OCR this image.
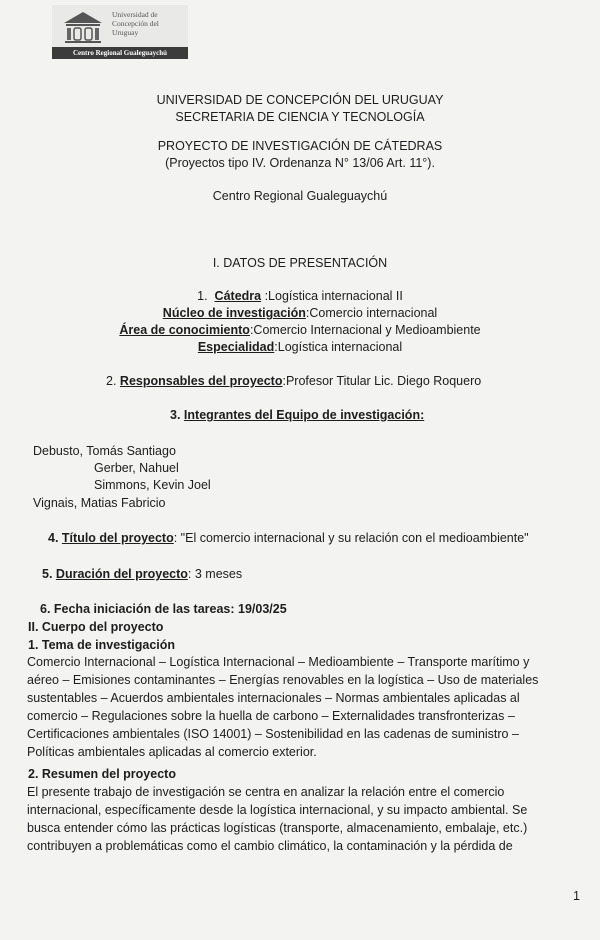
Universidad de
Concepción del
Uruguay
Centro Regional Gualeguaychú
UNIVERSIDAD DE CONCEPCIÓN DEL URUGUAY
SECRETARIA DE CIENCIA Y TECNOLOGÍA
PROYECTO DE INVESTIGACIÓN DE CÁTEDRAS
(Proyectos tipo IV. Ordenanza N° 13/06 Art. 11°).
Centro Regional Gualeguaychú
I. DATOS DE PRESENTACIÓN
1. Cátedra :Logística internacional II
Núcleo de investigación:Comercio internacional
Área de conocimiento:Comercio Internacional y Medioambiente
Especialidad:Logística internacional
2. Responsables del proyecto:Profesor Titular Lic. Diego Roquero
3. Integrantes del Equipo de investigación:
Debusto, Tomás Santiago
Gerber, Nahuel
Simmons, Kevin Joel
Vignais, Matias Fabricio
4. Título del proyecto: "El comercio internacional y su relación con el medioambiente"
5. Duración del proyecto: 3 meses
6. Fecha iniciación de las tareas: 19/03/25
II. Cuerpo del proyecto
1. Tema de investigación
Comercio Internacional – Logística Internacional – Medioambiente – Transporte marítimo y
aéreo – Emisiones contaminantes – Energías renovables en la logística – Uso de materiales
sustentables – Acuerdos ambientales internacionales – Normas ambientales aplicadas al
comercio – Regulaciones sobre la huella de carbono – Externalidades transfronterizas –
Certificaciones ambientales (ISO 14001) – Sostenibilidad en las cadenas de suministro –
Políticas ambientales aplicadas al comercio exterior.
2. Resumen del proyecto
El presente trabajo de investigación se centra en analizar la relación entre el comercio
internacional, específicamente desde la logística internacional, y su impacto ambiental. Se
busca entender cómo las prácticas logísticas (transporte, almacenamiento, embalaje, etc.)
contribuyen a problemáticas como el cambio climático, la contaminación y la pérdida de
1
